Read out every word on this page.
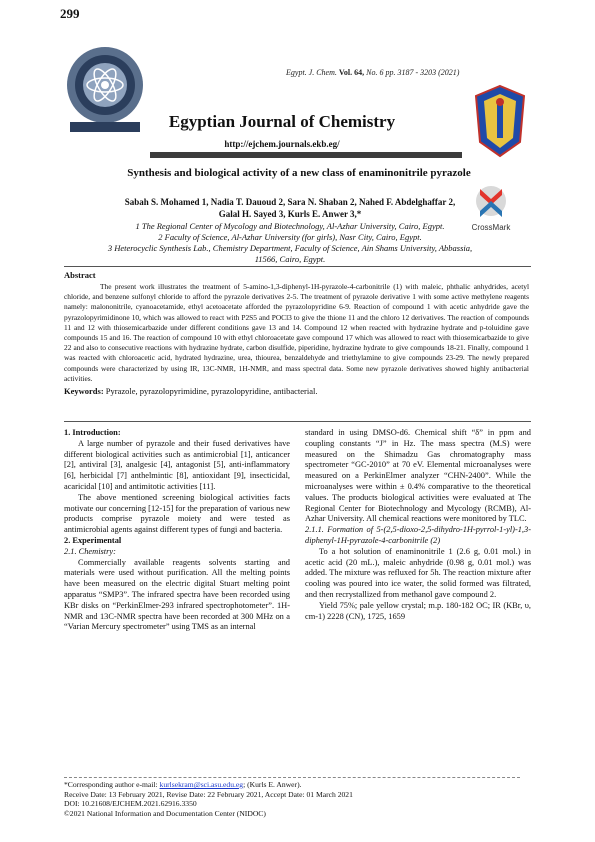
299
Egypt. J. Chem. Vol. 64, No. 6 pp. 3187 - 3203 (2021)
Egyptian Journal of Chemistry
http://ejchem.journals.ekb.eg/
Synthesis and biological activity of a new class of enaminonitrile pyrazole
Sabah S. Mohamed 1, Nadia T. Dauoud 2, Sara N. Shaban 2, Nahed F. Abdelghaffar 2,
Galal H. Sayed 3, Kurls E. Anwer 3,*
1 The Regional Center of Mycology and Biotechnology, Al-Azhar University, Cairo, Egypt.
2 Faculty of Science, Al-Azhar University (for girls), Nasr City, Cairo, Egypt.
3 Heterocyclic Synthesis Lab., Chemistry Department, Faculty of Science, Ain Shams University, Abbassia,
11566, Cairo, Egypt.
CrossMark
Abstract
The present work illustrates the treatment of 5-amino-1,3-diphenyl-1H-pyrazole-4-carbonitrile (1) with maleic, phthalic anhydrides, acetyl chloride, and benzene sulfonyl chloride to afford the pyrazole derivatives 2-5. The treatment of pyrazole derivative 1 with some active methylene reagents namely: malononitrile, cyanoacetamide, ethyl acetoacetate afforded the pyrazolopyridine 6-9. Reaction of compound 1 with acetic anhydride gave the pyrazolopyrimidinone 10, which was allowed to react with P2S5 and POCl3 to give the thione 11 and the chloro 12 derivatives. The reaction of compounds 11 and 12 with thiosemicarbazide under different conditions gave 13 and 14. Compound 12 when reacted with hydrazine hydrate and p-toluidine gave compounds 15 and 16. The reaction of compound 10 with ethyl chloroacetate gave compound 17 which was allowed to react with thiosemicarbazide to give 22 and also to consecutive reactions with hydrazine hydrate, carbon disulfide, piperidine, hydrazine hydrate to give compounds 18-21. Finally, compound 1 was reacted with chloroacetic acid, hydrated hydrazine, urea, thiourea, benzaldehyde and triethylamine to give compounds 23-29. The newly prepared compounds were characterized by using IR, 13C-NMR, 1H-NMR, and mass spectral data. Some new pyrazole derivatives showed highly antibacterial activities.
Keywords: Pyrazole, pyrazolopyrimidine, pyrazolopyridine, antibacterial.

1. Introduction:

A large number of pyrazole and their fused derivatives have different biological activities such as antimicrobial [1], anticancer [2], antiviral [3], analgesic [4], antagonist [5], anti-inflammatory [6], herbicidal [7] anthelmintic [8], antioxidant [9], insecticidal, acaricidal [10] and antimitotic activities [11].

The above mentioned screening biological activities facts motivate our concerning [12-15] for the preparation of various new products comprise pyrazole moiety and were tested as antimicrobial agents against different types of fungi and bacteria.

2. Experimental

2.1. Chemistry:

Commercially available reagents solvents starting and materials were used without purification. All the melting points have been measured on the electric digital Stuart melting point apparatus “SMP3”. The infrared spectra have been recorded using KBr disks on “PerkinElmer-293 infrared spectrophotometer”. 1H-NMR and 13C-NMR spectra have been recorded at 300 MHz on a “Varian Mercury spectrometer” using TMS as an internal

standard in using DMSO-d6. Chemical shift “δ” in ppm and coupling constants “J” in Hz. The mass spectra (M.S) were measured on the Shimadzu Gas chromatography mass spectrometer “GC-2010” at 70 eV. Elemental microanalyses were measured on a PerkinElmer analyzer “CHN-2400”. While the microanalyses were within ± 0.4% comparative to the theoretical values. The products biological activities were evaluated at The Regional Center for Biotechnology and Mycology (RCMB), Al- Azhar University. All chemical reactions were monitored by TLC.

2.1.1. Formation of 5-(2,5-dioxo-2,5-dihydro-1H-pyrrol-1-yl)-1,3-diphenyl-1H-pyrazole-4-carbonitrile (2)

To a hot solution of enaminonitrile 1 (2.6 g, 0.01 mol.) in acetic acid (20 mL.), maleic anhydride (0.98 g, 0.01 mol.) was added. The mixture was refluxed for 5h. The reaction mixture after cooling was poured into ice water, the solid formed was filtrated, and then recrystallized from methanol gave compound 2.

Yield 75%; pale yellow crystal; m.p. 180-182 OC; IR (KBr, υ, cm-1) 2228 (CN), 1725, 1659

*Corresponding author e-mail: kurlsekram@sci.asu.edu.eg; (Kurls E. Anwer).
Receive Date: 13 February 2021, Revise Date: 22 February 2021, Accept Date: 01 March 2021
DOI: 10.21608/EJCHEM.2021.62916.3350
©2021 National Information and Documentation Center (NIDOC)
